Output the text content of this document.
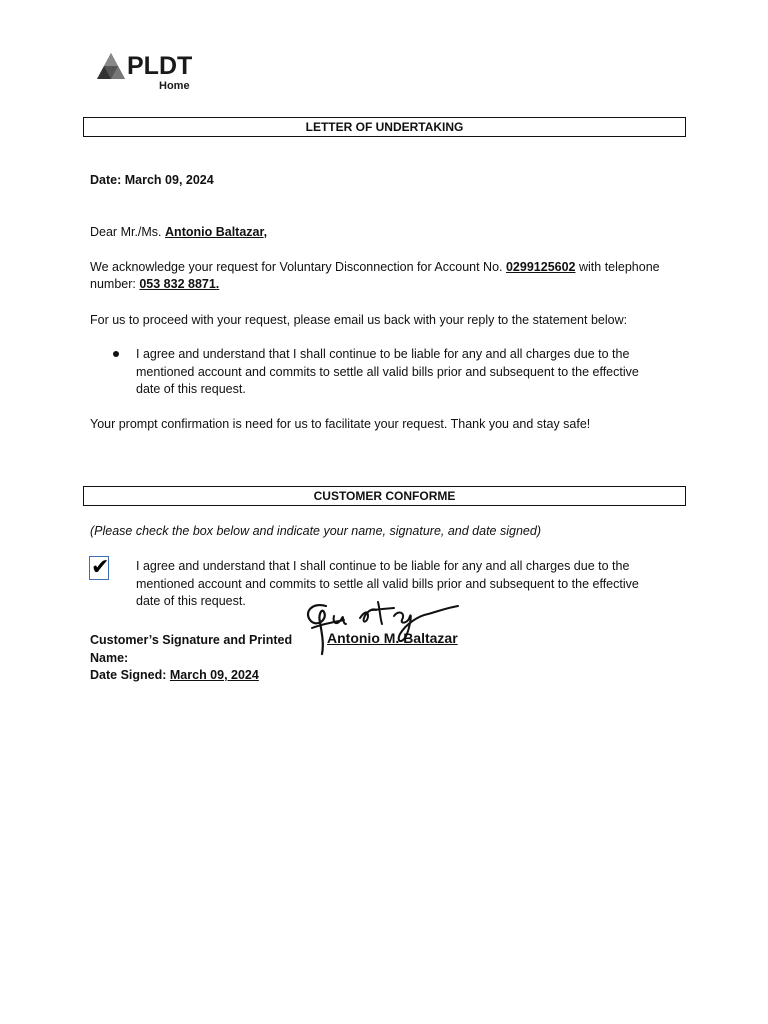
PLDT
Home
LETTER OF UNDERTAKING
Date: March 09, 2024
Dear Mr./Ms. Antonio Baltazar,
We acknowledge your request for Voluntary Disconnection for Account No. 0299125602 with telephone
number: 053 832 8871.
For us to proceed with your request, please email us back with your reply to the statement below:
I agree and understand that I shall continue to be liable for any and all charges due to the
mentioned account and commits to settle all valid bills prior and subsequent to the effective
date of this request.
Your prompt confirmation is need for us to facilitate your request. Thank you and stay safe!
CUSTOMER CONFORME
(Please check the box below and indicate your name, signature, and date signed)
✔ I agree and understand that I shall continue to be liable for any and all charges due to the
mentioned account and commits to settle all valid bills prior and subsequent to the effective
date of this request.
Customer’s Signature and Printed Name:
Antonio M. Baltazar
Date Signed: March 09, 2024
